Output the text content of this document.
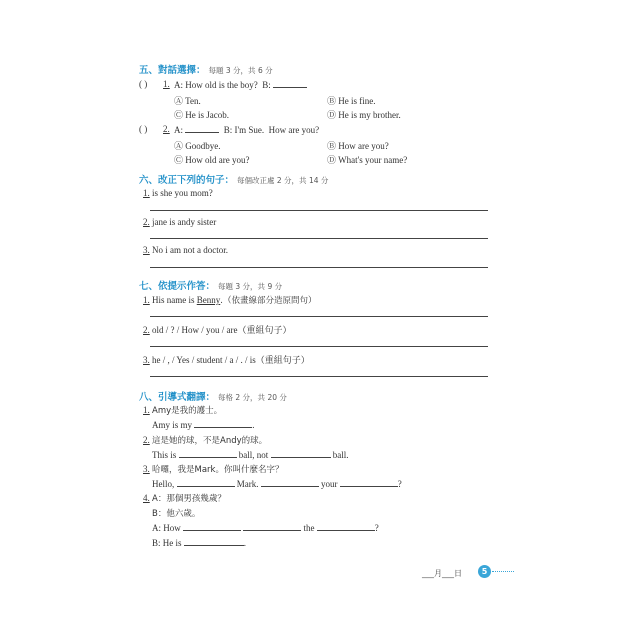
五、對話選擇： 每題 3 分，共 6 分
( ) 1. A: How old is the boy?  B:
Ⓐ Ten.	Ⓑ He is fine.
Ⓒ He is Jacob.	Ⓓ He is my brother.
( ) 2. A:	B: I'm Sue.  How are you?
Ⓐ Goodbye.	Ⓑ How are you?
Ⓒ How old are you?	Ⓓ What's your name?
六、改正下列的句子： 每個改正處 2 分，共 14 分
1. is she you mom?
2. jane is andy sister
3. No i am not a doctor.
七、依提示作答： 每題 3 分，共 9 分
1. His name is Benny.（依畫線部分造原問句）
2. old / ? / How / you / are（重組句子）
3. he / , / Yes / student / a / . / is（重組句子）
八、引導式翻譯： 每格 2 分，共 20 分
1. Amy是我的護士。
Amy is my	.
2. 這是她的球，不是Andy的球。
This is	ball, not	ball.
3. 哈囉，我是Mark。你叫什麼名字？
Hello,	Mark.	your	?
4. A：那個男孩幾歲？
B：他六歲。
A: How	the	?
B: He is	.
___月___日	5
